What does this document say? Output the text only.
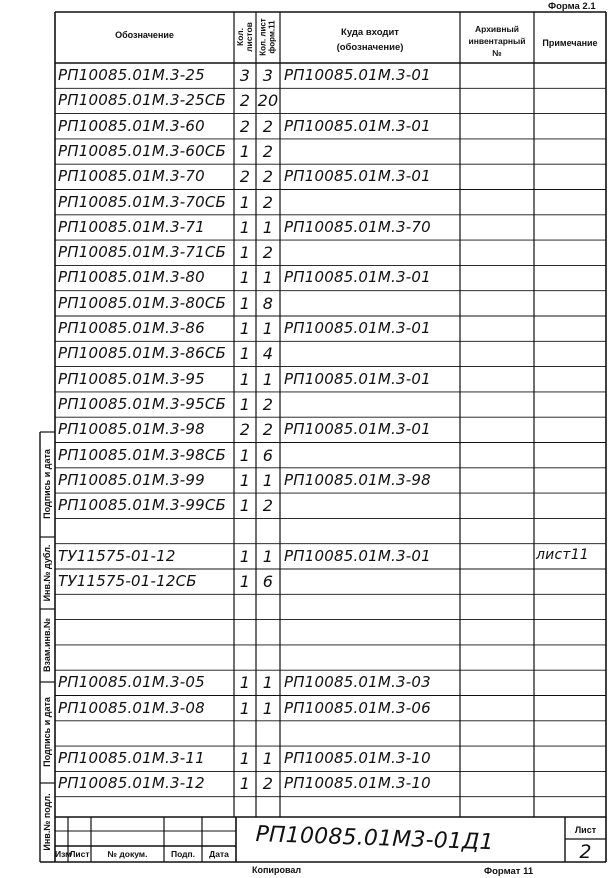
Форма 2.1
Обозначение	Кол. листов Кол. лист форм.11	Куда входит
(обозначение)
Архивный
инвентарный
№
Примечание
РП10085.01М.3-25	3 3 РП10085.01М.3-01
РП10085.01М.3-25СБ 2 20
РП10085.01М.3-60	2 2 РП10085.01М.3-01
РП10085.01М.3-60СБ 1 2
РП10085.01М.3-70	2 2 РП10085.01М.3-01
РП10085.01М.3-70СБ 1 2
РП10085.01М.3-71	1 1 РП10085.01М.3-70
РП10085.01М.3-71СБ 1 2
РП10085.01М.3-80	1 1 РП10085.01М.3-01
РП10085.01М.3-80СБ 1 8
РП10085.01М.3-86	1 1 РП10085.01М.3-01
РП10085.01М.3-86СБ 1 4
РП10085.01М.3-95	1 1 РП10085.01М.3-01
РП10085.01М.3-95СБ 1 2
РП10085.01М.3-98	2 2 РП10085.01М.3-01
РП10085.01М.3-98СБ 1 6
РП10085.01М.3-99	1 1 РП10085.01М.3-98
РП10085.01М.3-99СБ 1 2
ТУ11575-01-12	1 1 РП10085.01М.3-01	лист11
ТУ11575-01-12СБ	1 6
РП10085.01М.3-05	1 1 РП10085.01М.3-03
РП10085.01М.3-08	1 1 РП10085.01М.3-06
РП10085.01М.3-11	1 1 РП10085.01М.3-10
РП10085.01М.3-12	1 2 РП10085.01М.3-10
Подпись и дата
Инв.№ дубл.
Взам.инв.№
Подпись и дата
Инв.№ подл.
Изм
Лист	№ докум.	Подп.	Дата	РП10085.01М3-01Д1	Лист
2
Копировал	Формат 11
